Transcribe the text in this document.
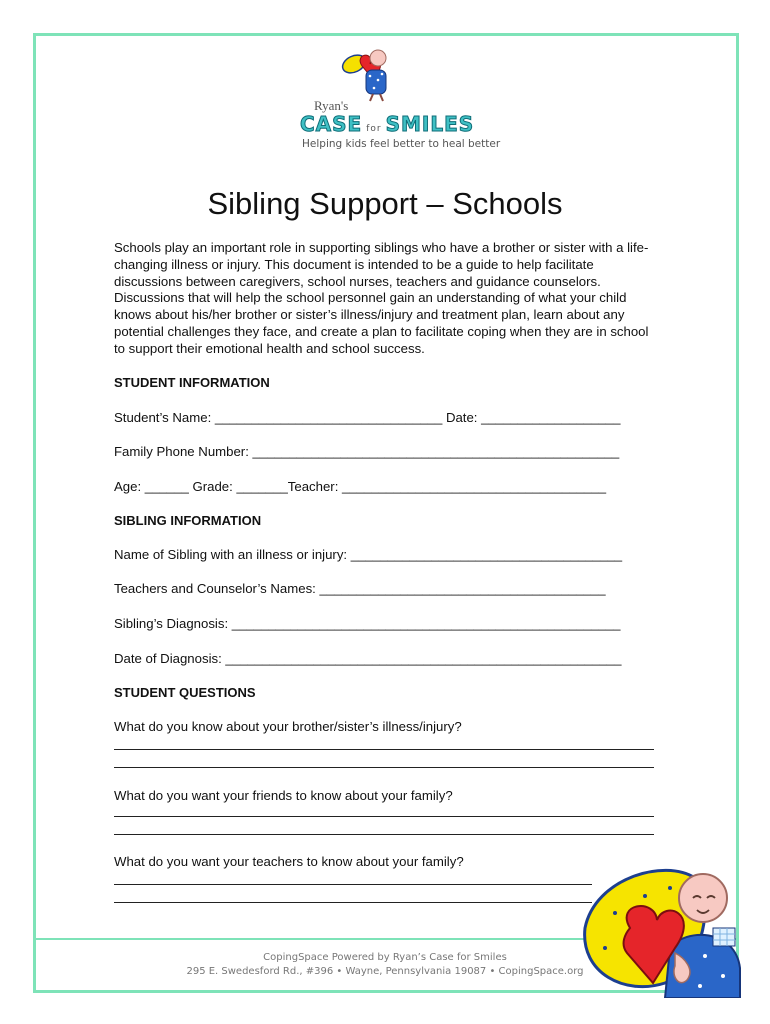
Ryan's
CASE for SMILES
Helping kids feel better to heal better
Sibling Support – Schools

Schools play an important role in supporting siblings who have a brother or sister with a life-changing illness or injury. This document is intended to be a guide to help facilitate discussions between caregivers, school nurses, teachers and guidance counselors. Discussions that will help the school personnel gain an understanding of what your child knows about his/her brother or sister’s illness/injury and treatment plan, learn about any potential challenges they face, and create a plan to facilitate coping when they are in school to support their emotional health and school success.

STUDENT INFORMATION
Student’s Name: _______________________________ Date: ___________________
Family Phone Number: __________________________________________________
Age: ______ Grade: _______Teacher: ____________________________________
SIBLING INFORMATION
Name of Sibling with an illness or injury: _____________________________________
Teachers and Counselor’s Names: _______________________________________
Sibling’s Diagnosis: _____________________________________________________
Date of Diagnosis: ______________________________________________________
STUDENT QUESTIONS
What do you know about your brother/sister’s illness/injury?
What do you want your friends to know about your family?
What do you want your teachers to know about your family?
CopingSpace Powered by Ryan’s Case for Smiles
295 E. Swedesford Rd., #396 • Wayne, Pennsylvania 19087 • CopingSpace.org
